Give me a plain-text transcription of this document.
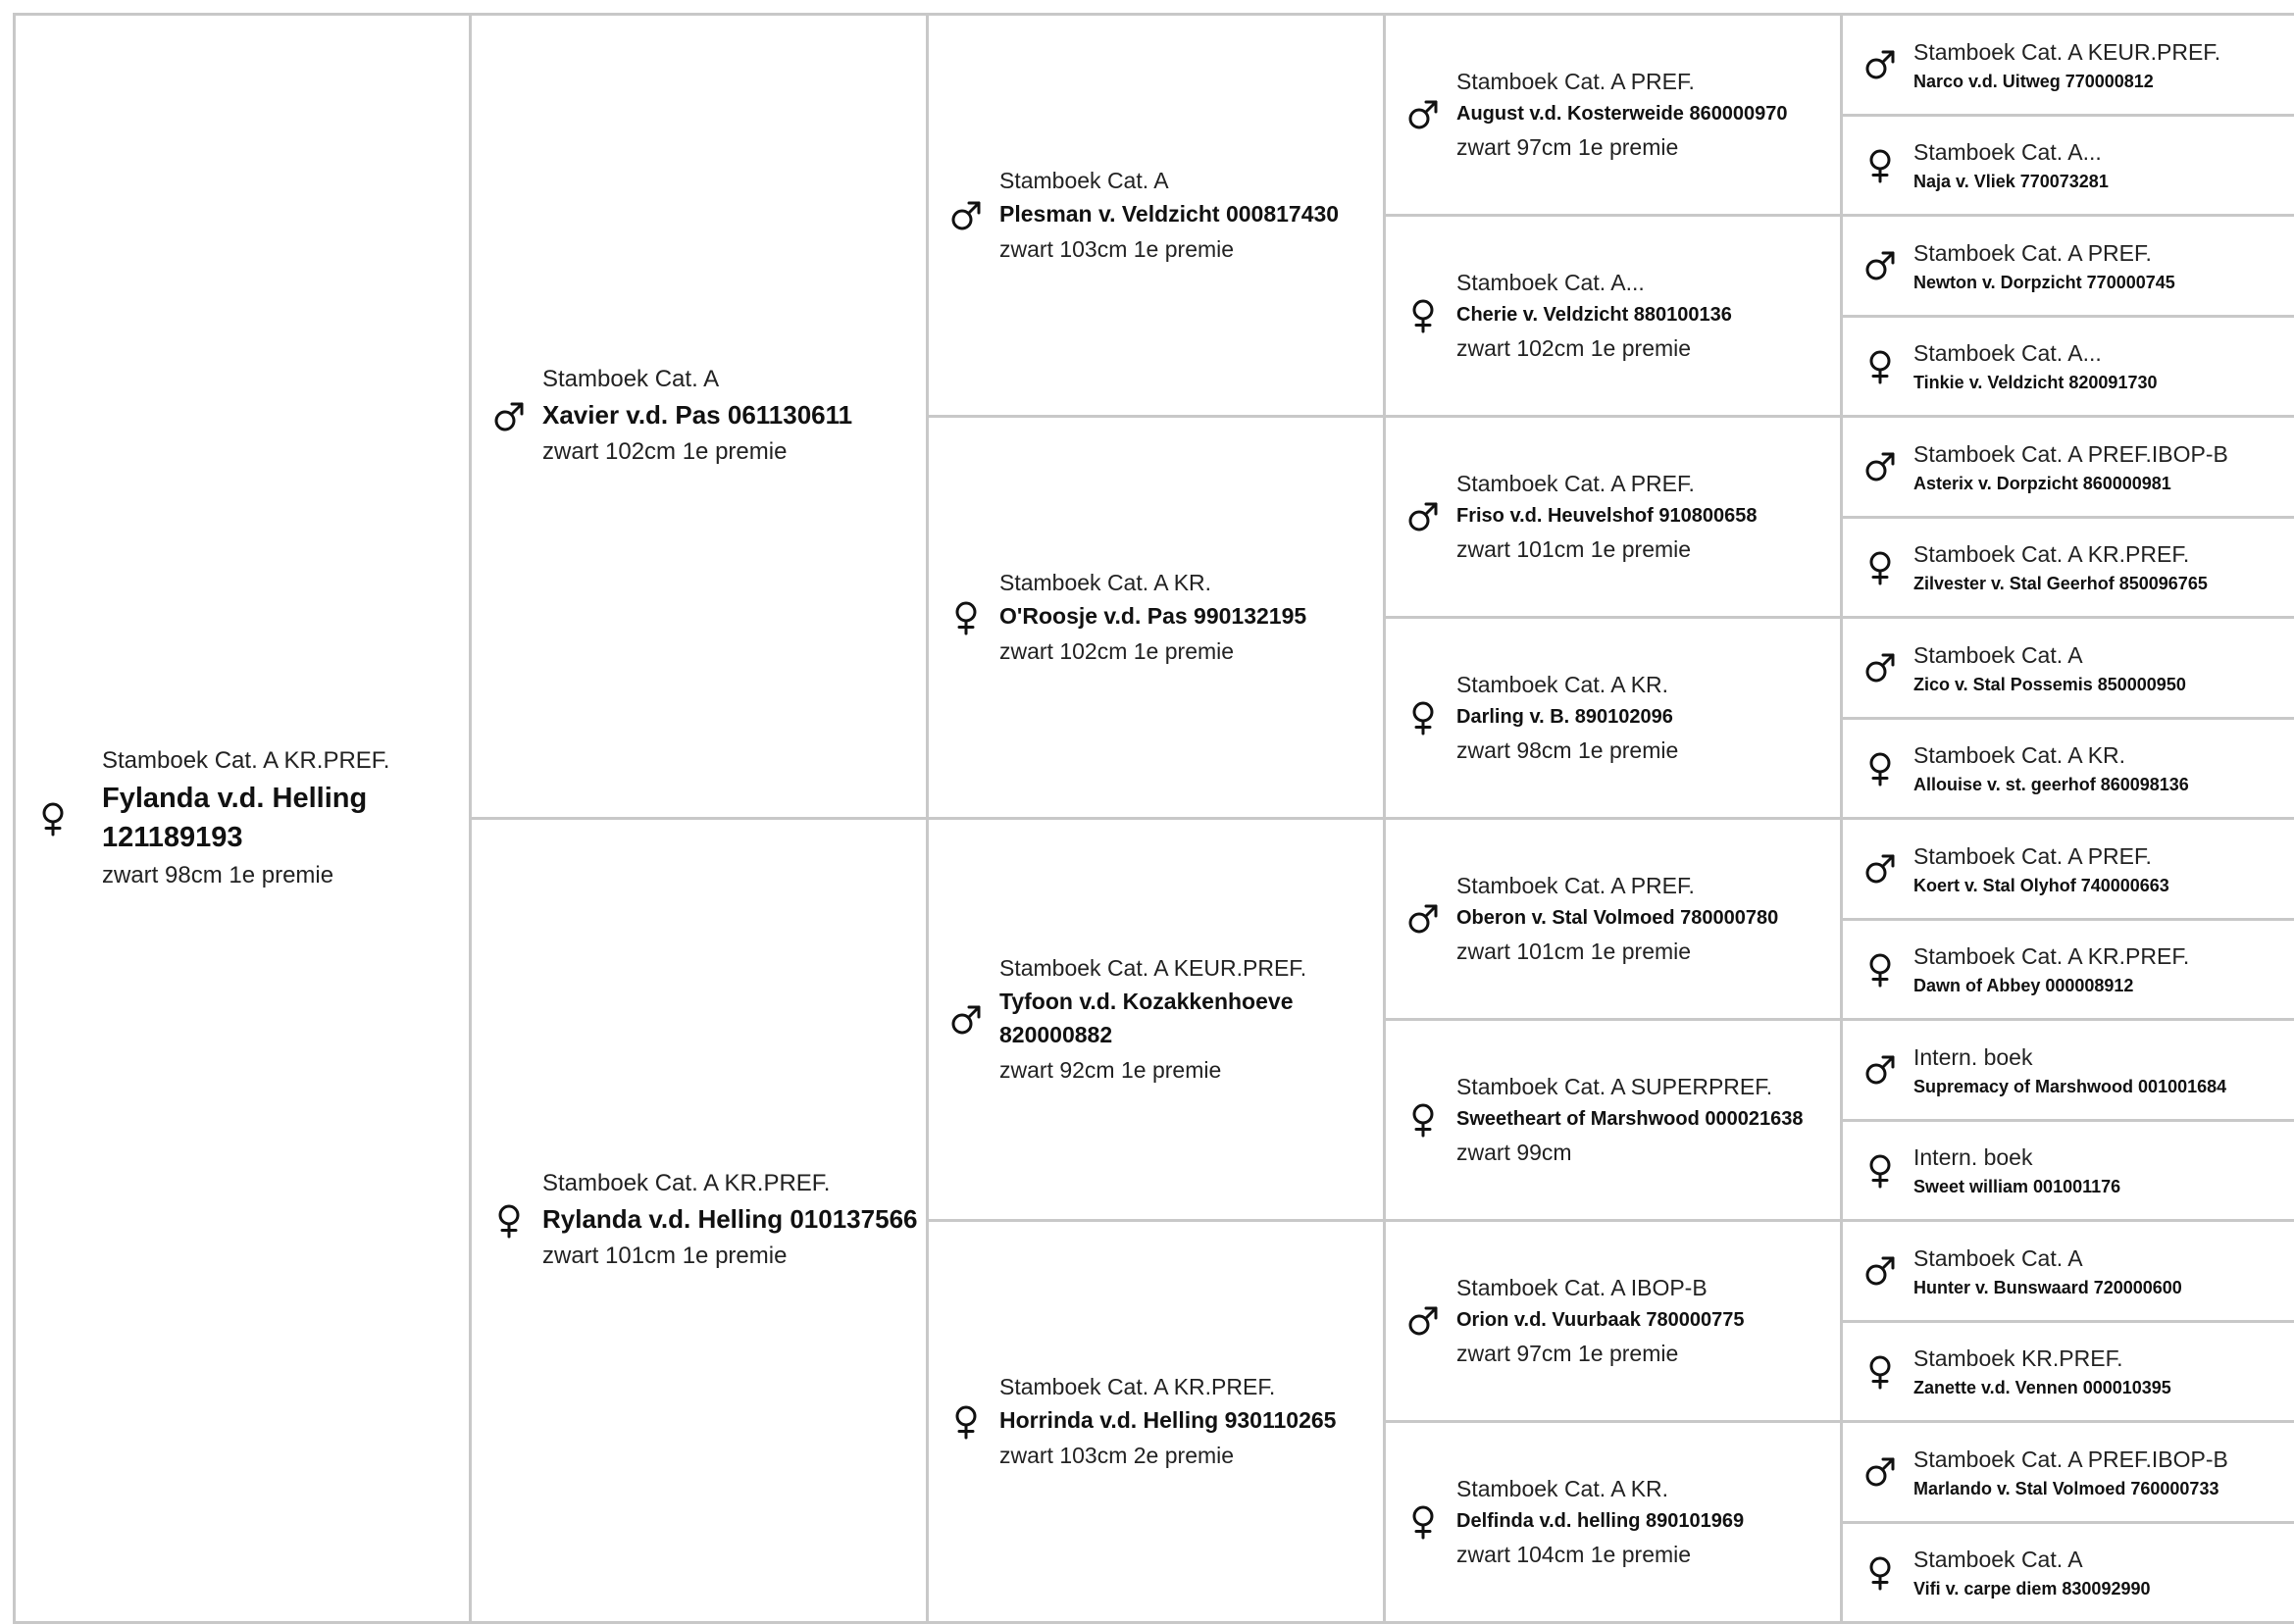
Stamboek Cat. A KR.PREF.
Fylanda v.d. Helling 121189193
zwart 98cm 1e premie
Stamboek Cat. A
Xavier v.d. Pas 061130611
zwart 102cm 1e premie
Stamboek Cat. A KR.PREF.
Rylanda v.d. Helling 010137566
zwart 101cm 1e premie
Stamboek Cat. A
Plesman v. Veldzicht 000817430
zwart 103cm 1e premie
Stamboek Cat. A KR.
O'Roosje v.d. Pas 990132195
zwart 102cm 1e premie
Stamboek Cat. A KEUR.PREF.
Tyfoon v.d. Kozakkenhoeve 820000882
zwart 92cm 1e premie
Stamboek Cat. A KR.PREF.
Horrinda v.d. Helling 930110265
zwart 103cm 2e premie
Stamboek Cat. A PREF.
August v.d. Kosterweide 860000970
zwart 97cm 1e premie
Stamboek Cat. A...
Cherie v. Veldzicht 880100136
zwart 102cm 1e premie
Stamboek Cat. A PREF.
Friso v.d. Heuvelshof 910800658
zwart 101cm 1e premie
Stamboek Cat. A KR.
Darling v. B. 890102096
zwart 98cm 1e premie
Stamboek Cat. A PREF.
Oberon v. Stal Volmoed 780000780
zwart 101cm 1e premie
Stamboek Cat. A SUPERPREF.
Sweetheart of Marshwood 000021638
zwart 99cm
Stamboek Cat. A IBOP-B
Orion v.d. Vuurbaak 780000775
zwart 97cm 1e premie
Stamboek Cat. A KR.
Delfinda v.d. helling 890101969
zwart 104cm 1e premie
Stamboek Cat. A KEUR.PREF.
Narco v.d. Uitweg 770000812
Stamboek Cat. A...
Naja v. Vliek 770073281
Stamboek Cat. A PREF.
Newton v. Dorpzicht 770000745
Stamboek Cat. A...
Tinkie v. Veldzicht 820091730
Stamboek Cat. A PREF.IBOP-B
Asterix v. Dorpzicht 860000981
Stamboek Cat. A KR.PREF.
Zilvester v. Stal Geerhof 850096765
Stamboek Cat. A
Zico v. Stal Possemis 850000950
Stamboek Cat. A KR.
Allouise v. st. geerhof 860098136
Stamboek Cat. A PREF.
Koert v. Stal Olyhof 740000663
Stamboek Cat. A KR.PREF.
Dawn of Abbey 000008912
Intern. boek
Supremacy of Marshwood 001001684
Intern. boek
Sweet william 001001176
Stamboek Cat. A
Hunter v. Bunswaard 720000600
Stamboek KR.PREF.
Zanette v.d. Vennen 000010395
Stamboek Cat. A PREF.IBOP-B
Marlando v. Stal Volmoed 760000733
Stamboek Cat. A
Vifi v. carpe diem 830092990
